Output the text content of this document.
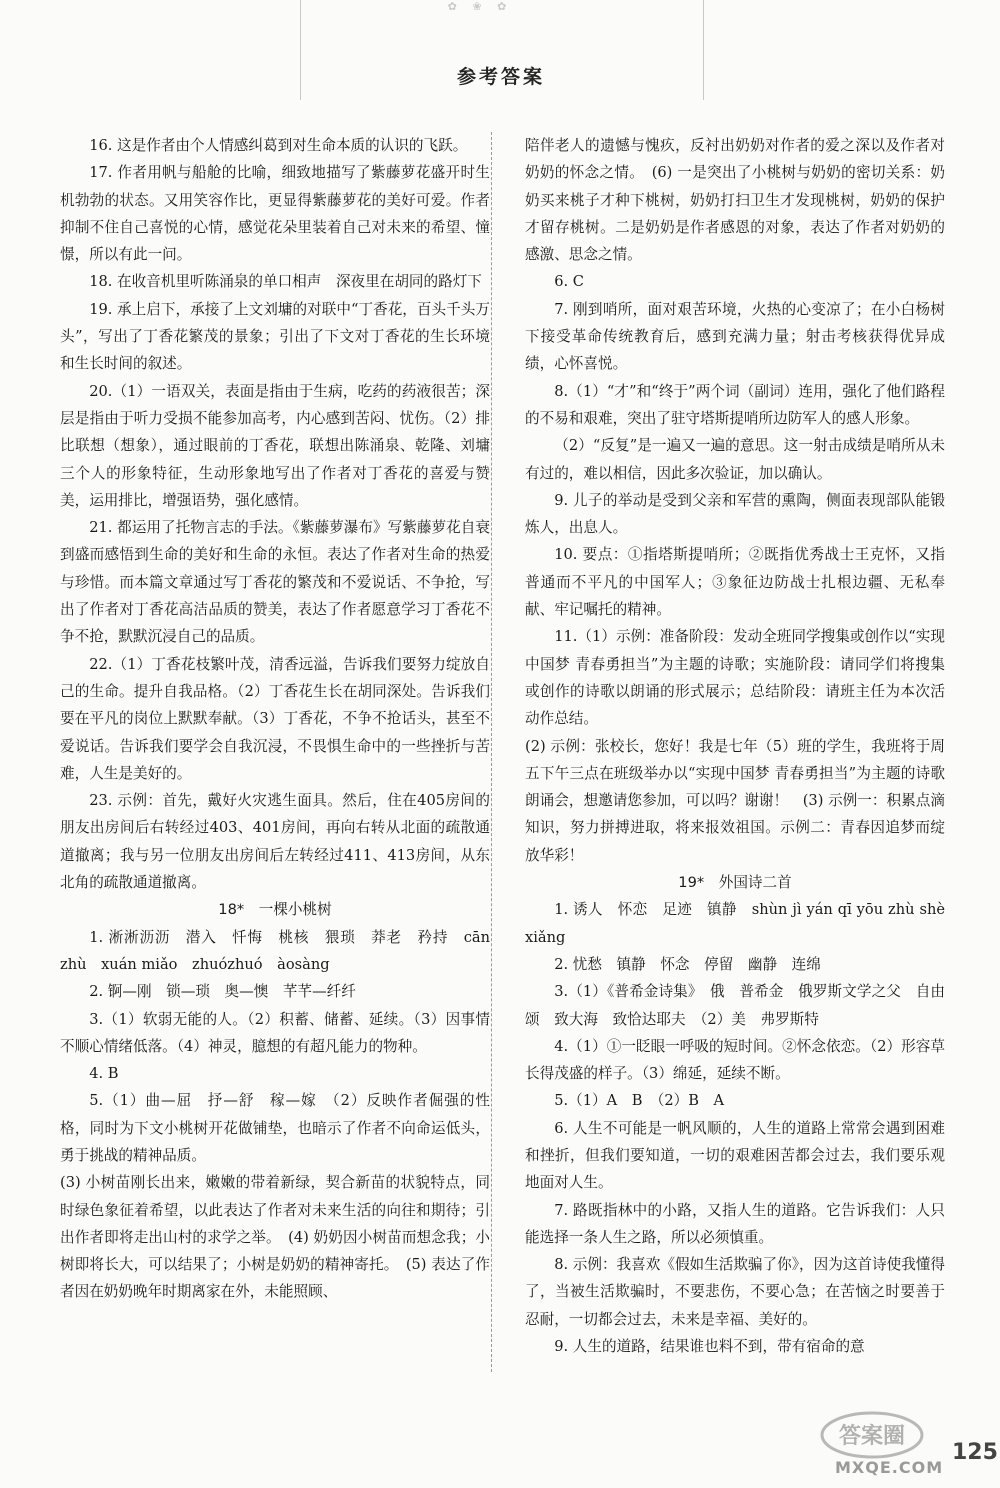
✿ ❀ ✿
参考答案

16. 这是作者由个人情感纠葛到对生命本质的认识的飞跃。

17. 作者用帆与船舱的比喻，细致地描写了紫藤萝花盛开时生机勃勃的状态。又用笑容作比，更显得紫藤萝花的美好可爱。作者抑制不住自己喜悦的心情，感觉花朵里装着自己对未来的希望、憧憬，所以有此一问。

18. 在收音机里听陈涌泉的单口相声　深夜里在胡同的路灯下

19. 承上启下，承接了上文刘墉的对联中“丁香花，百头千头万头”，写出了丁香花繁茂的景象；引出了下文对丁香花的生长环境和生长时间的叙述。

20.（1）一语双关，表面是指由于生病，吃药的药液很苦；深层是指由于听力受损不能参加高考，内心感到苦闷、忧伤。（2）排比联想（想象），通过眼前的丁香花，联想出陈涌泉、乾隆、刘墉三个人的形象特征，生动形象地写出了作者对丁香花的喜爱与赞美，运用排比，增强语势，强化感情。

21. 都运用了托物言志的手法。《紫藤萝瀑布》写紫藤萝花自衰到盛而感悟到生命的美好和生命的永恒。表达了作者对生命的热爱与珍惜。而本篇文章通过写丁香花的繁茂和不爱说话、不争抢，写出了作者对丁香花高洁品质的赞美，表达了作者愿意学习丁香花不争不抢，默默沉浸自己的品质。

22.（1）丁香花枝繁叶茂，清香远溢，告诉我们要努力绽放自己的生命。提升自我品格。（2）丁香花生长在胡同深处。告诉我们要在平凡的岗位上默默奉献。（3）丁香花，不争不抢话头，甚至不爱说话。告诉我们要学会自我沉浸，不畏惧生命中的一些挫折与苦难，人生是美好的。

23. 示例：首先，戴好火灾逃生面具。然后，住在405房间的朋友出房间后右转经过403、401房间，再向右转从北面的疏散通道撤离；我与另一位朋友出房间后左转经过411、413房间，从东北角的疏散通道撤离。

18*　一棵小桃树

1. 淅淅沥沥　潜入　忏悔　桃核　猥琐　莽老　矜持　cān zhù　xuán miǎo　zhuózhuó　àosàng

2. 锕—刚　锁—琐　奥—懊　芊芊—纤纤

3.（1）软弱无能的人。（2）积蓄、储蓄、延续。（3）因事情不顺心情绪低落。（4）神灵，臆想的有超凡能力的物种。

4. B

5.（1）曲—屈　抒—舒　稼—嫁　（2）反映作者倔强的性格，同时为下文小桃树开花做铺垫，也暗示了作者不向命运低头，勇于挑战的精神品质。

(3) 小树苗刚长出来，嫩嫩的带着新绿，契合新苗的状貌特点，同时绿色象征着希望，以此表达了作者对未来生活的向往和期待；引出作者即将走出山村的求学之举。　(4) 奶奶因小树苗而想念我；小树即将长大，可以结果了；小树是奶奶的精神寄托。　(5) 表达了作者因在奶奶晚年时期离家在外，未能照顾、

陪伴老人的遗憾与愧疚，反衬出奶奶对作者的爱之深以及作者对奶奶的怀念之情。　(6) 一是突出了小桃树与奶奶的密切关系：奶奶买来桃子才种下桃树，奶奶打扫卫生才发现桃树，奶奶的保护才留存桃树。二是奶奶是作者感恩的对象，表达了作者对奶奶的感激、思念之情。

6. C

7. 刚到哨所，面对艰苦环境，火热的心变凉了；在小白杨树下接受革命传统教育后，感到充满力量；射击考核获得优异成绩，心怀喜悦。

8.（1）“才”和“终于”两个词（副词）连用，强化了他们路程的不易和艰难，突出了驻守塔斯提哨所边防军人的感人形象。

（2）“反复”是一遍又一遍的意思。这一射击成绩是哨所从未有过的，难以相信，因此多次验证，加以确认。

9. 儿子的举动是受到父亲和军营的熏陶，侧面表现部队能锻炼人，出息人。

10. 要点：①指塔斯提哨所；②既指优秀战士王克怀，又指普通而不平凡的中国军人；③象征边防战士扎根边疆、无私奉献、牢记嘱托的精神。

11.（1）示例：准备阶段：发动全班同学搜集或创作以“实现中国梦 青春勇担当”为主题的诗歌；实施阶段：请同学们将搜集或创作的诗歌以朗诵的形式展示；总结阶段：请班主任为本次活动作总结。

(2) 示例：张校长，您好！我是七年（5）班的学生，我班将于周五下午三点在班级举办以“实现中国梦 青春勇担当”为主题的诗歌朗诵会，想邀请您参加，可以吗？谢谢！　(3) 示例一：积累点滴知识，努力拼搏进取，将来报效祖国。示例二：青春因追梦而绽放华彩！

19*　外国诗二首

1. 诱人　怀恋　足迹　镇静　shùn jì yán qī yōu zhù shè xiǎng

2. 忧愁　镇静　怀念　停留　幽静　连绵

3.（1）《普希金诗集》　俄　普希金　俄罗斯文学之父　自由颂　致大海　致恰达耶夫　（2）美　弗罗斯特

4.（1）①一眨眼一呼吸的短时间。②怀念依恋。（2）形容草长得茂盛的样子。（3）绵延，延续不断。

5.（1）A　B　（2）B　A

6. 人生不可能是一帆风顺的，人生的道路上常常会遇到困难和挫折，但我们要知道，一切的艰难困苦都会过去，我们要乐观地面对人生。

7. 路既指林中的小路，又指人生的道路。它告诉我们：人只能选择一条人生之路，所以必须慎重。

8. 示例：我喜欢《假如生活欺骗了你》，因为这首诗使我懂得了，当被生活欺骗时，不要悲伤，不要心急；在苦恼之时要善于忍耐，一切都会过去，未来是幸福、美好的。

9. 人生的道路，结果谁也料不到，带有宿命的意

答案圈
MXQE.COM
125
